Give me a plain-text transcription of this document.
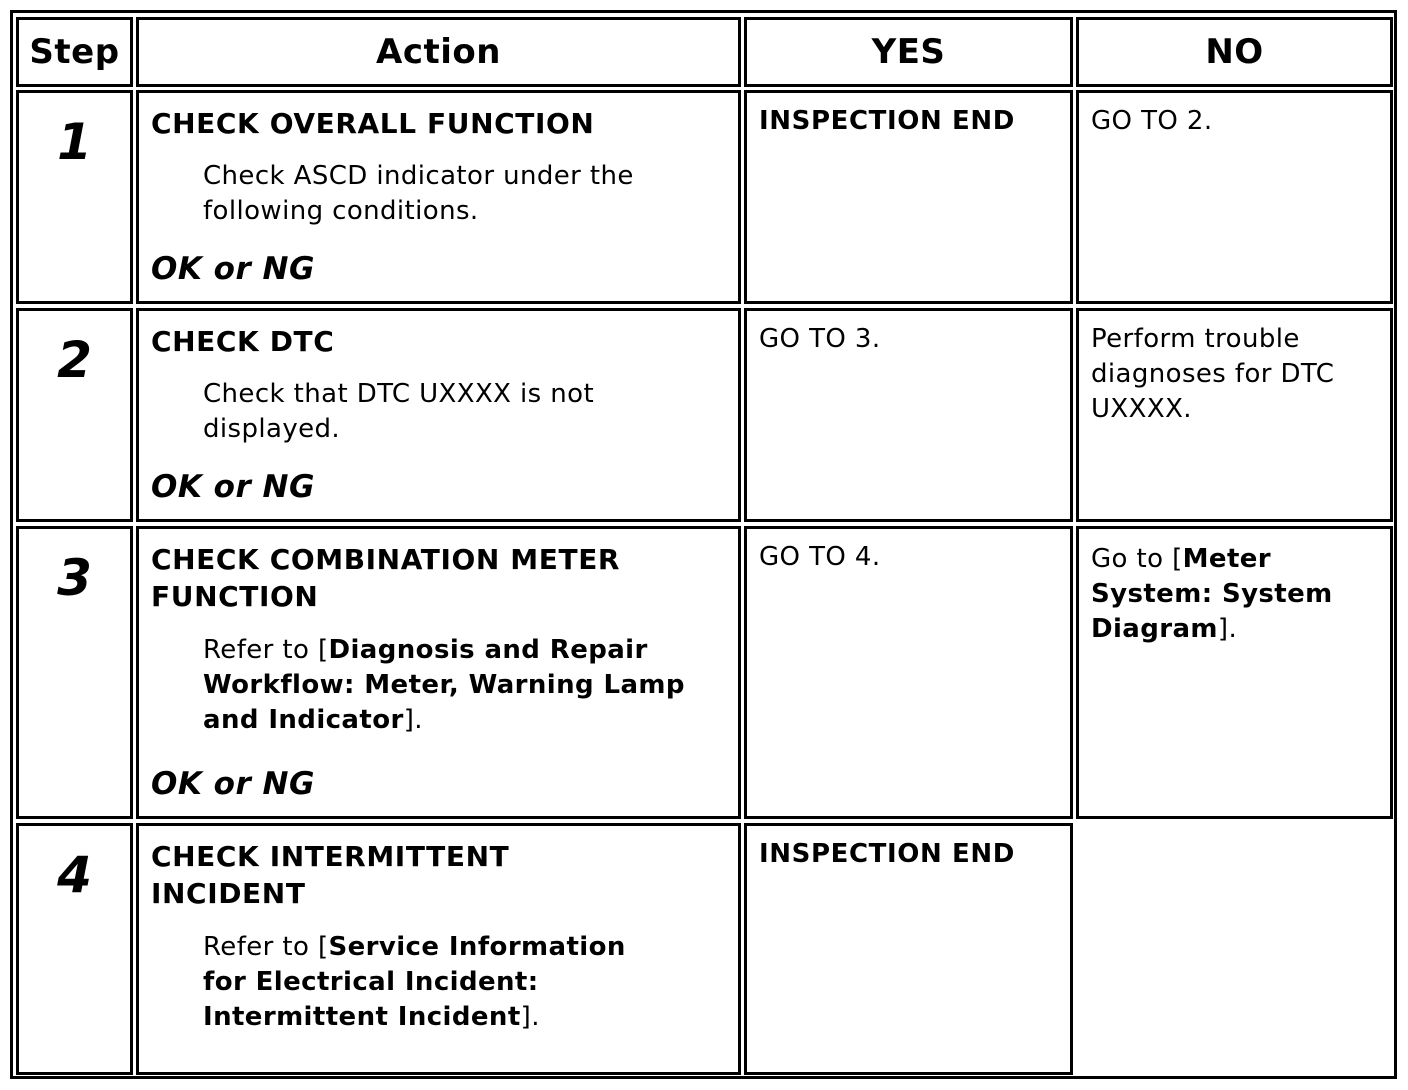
Step	Action	YES	NO
1	CHECK OVERALL FUNCTION
Check ASCD indicator under the
following conditions.
OK or NG
INSPECTION END	GO TO 2.
2	CHECK DTC
Check that DTC UXXXX is not
displayed.
OK or NG
GO TO 3.	Perform trouble
diagnoses for DTC
UXXXX.
3	CHECK COMBINATION METER
FUNCTION
Refer to [Diagnosis and Repair
Workflow: Meter, Warning Lamp
and Indicator].
OK or NG
GO TO 4.	Go to [Meter
System: System
Diagram].
4	CHECK INTERMITTENT
INCIDENT
Refer to [Service Information
for Electrical Incident:
Intermittent Incident].
INSPECTION END
